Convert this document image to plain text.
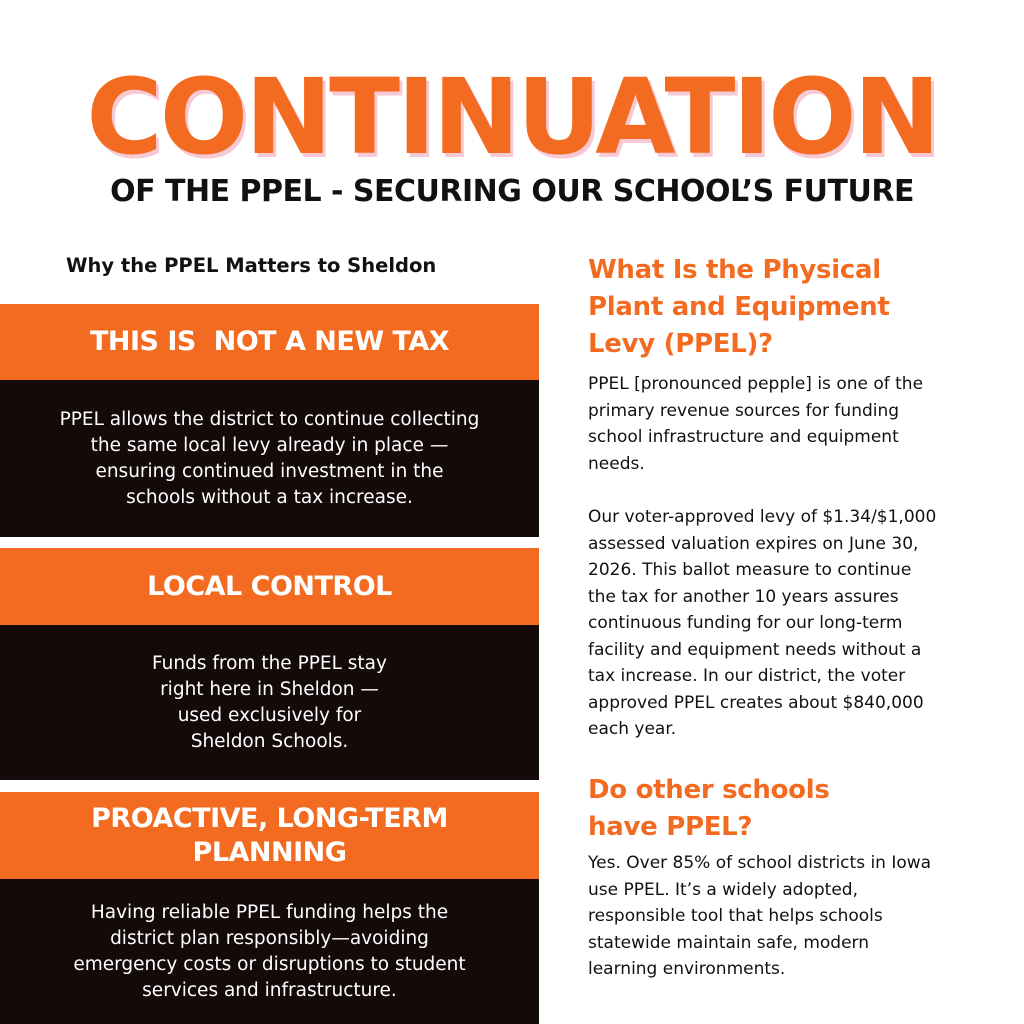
CONTINUATION
OF THE PPEL - SECURING OUR SCHOOL’S FUTURE
Why the PPEL Matters to Sheldon
THIS IS  NOT A NEW TAX
PPEL allows the district to continue collecting
the same local levy already in place —
ensuring continued investment in the
schools without a tax increase.
LOCAL CONTROL
Funds from the PPEL stay
right here in Sheldon —
used exclusively for
Sheldon Schools.
PROACTIVE, LONG-TERM
PLANNING
Having reliable PPEL funding helps the
district plan responsibly—avoiding
emergency costs or disruptions to student
services and infrastructure.
What Is the Physical
Plant and Equipment
Levy (PPEL)?

PPEL [pronounced pepple] is one of the
primary revenue sources for funding
school infrastructure and equipment
needs.

Our voter-approved levy of $1.34/$1,000
assessed valuation expires on June 30,
2026. This ballot measure to continue
the tax for another 10 years assures
continuous funding for our long-term
facility and equipment needs without a
tax increase. In our district, the voter
approved PPEL creates about $840,000
each year.

Do other schools
have PPEL?

Yes. Over 85% of school districts in Iowa
use PPEL. It’s a widely adopted,
responsible tool that helps schools
statewide maintain safe, modern
learning environments.
